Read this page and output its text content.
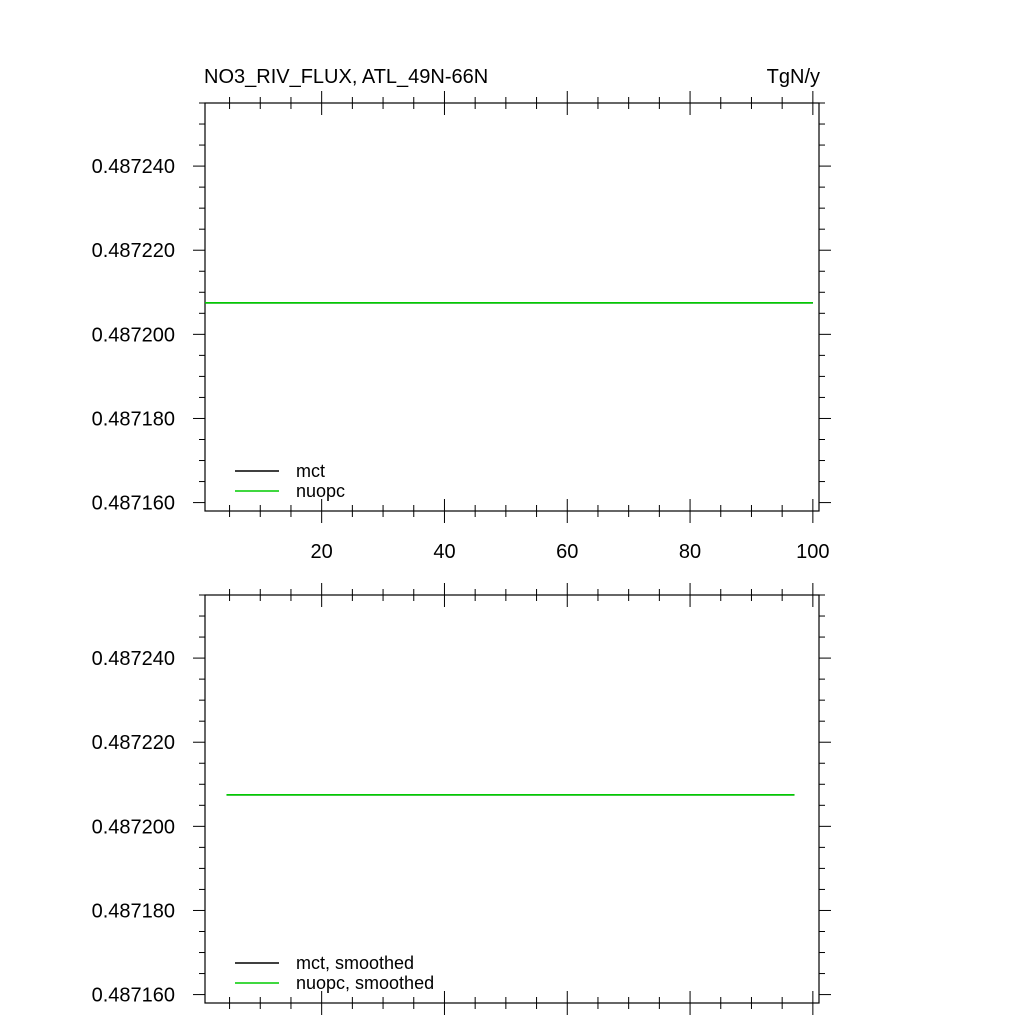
NO3_RIV_FLUX, ATL_49N-66N	TgN/y
20	40	60	80	100
0.487160
0.487180
0.487200
0.487220
0.487240
mct
nuopc
0.487160
0.487180
0.487200
0.487220
0.487240
mct, smoothed
nuopc, smoothed
